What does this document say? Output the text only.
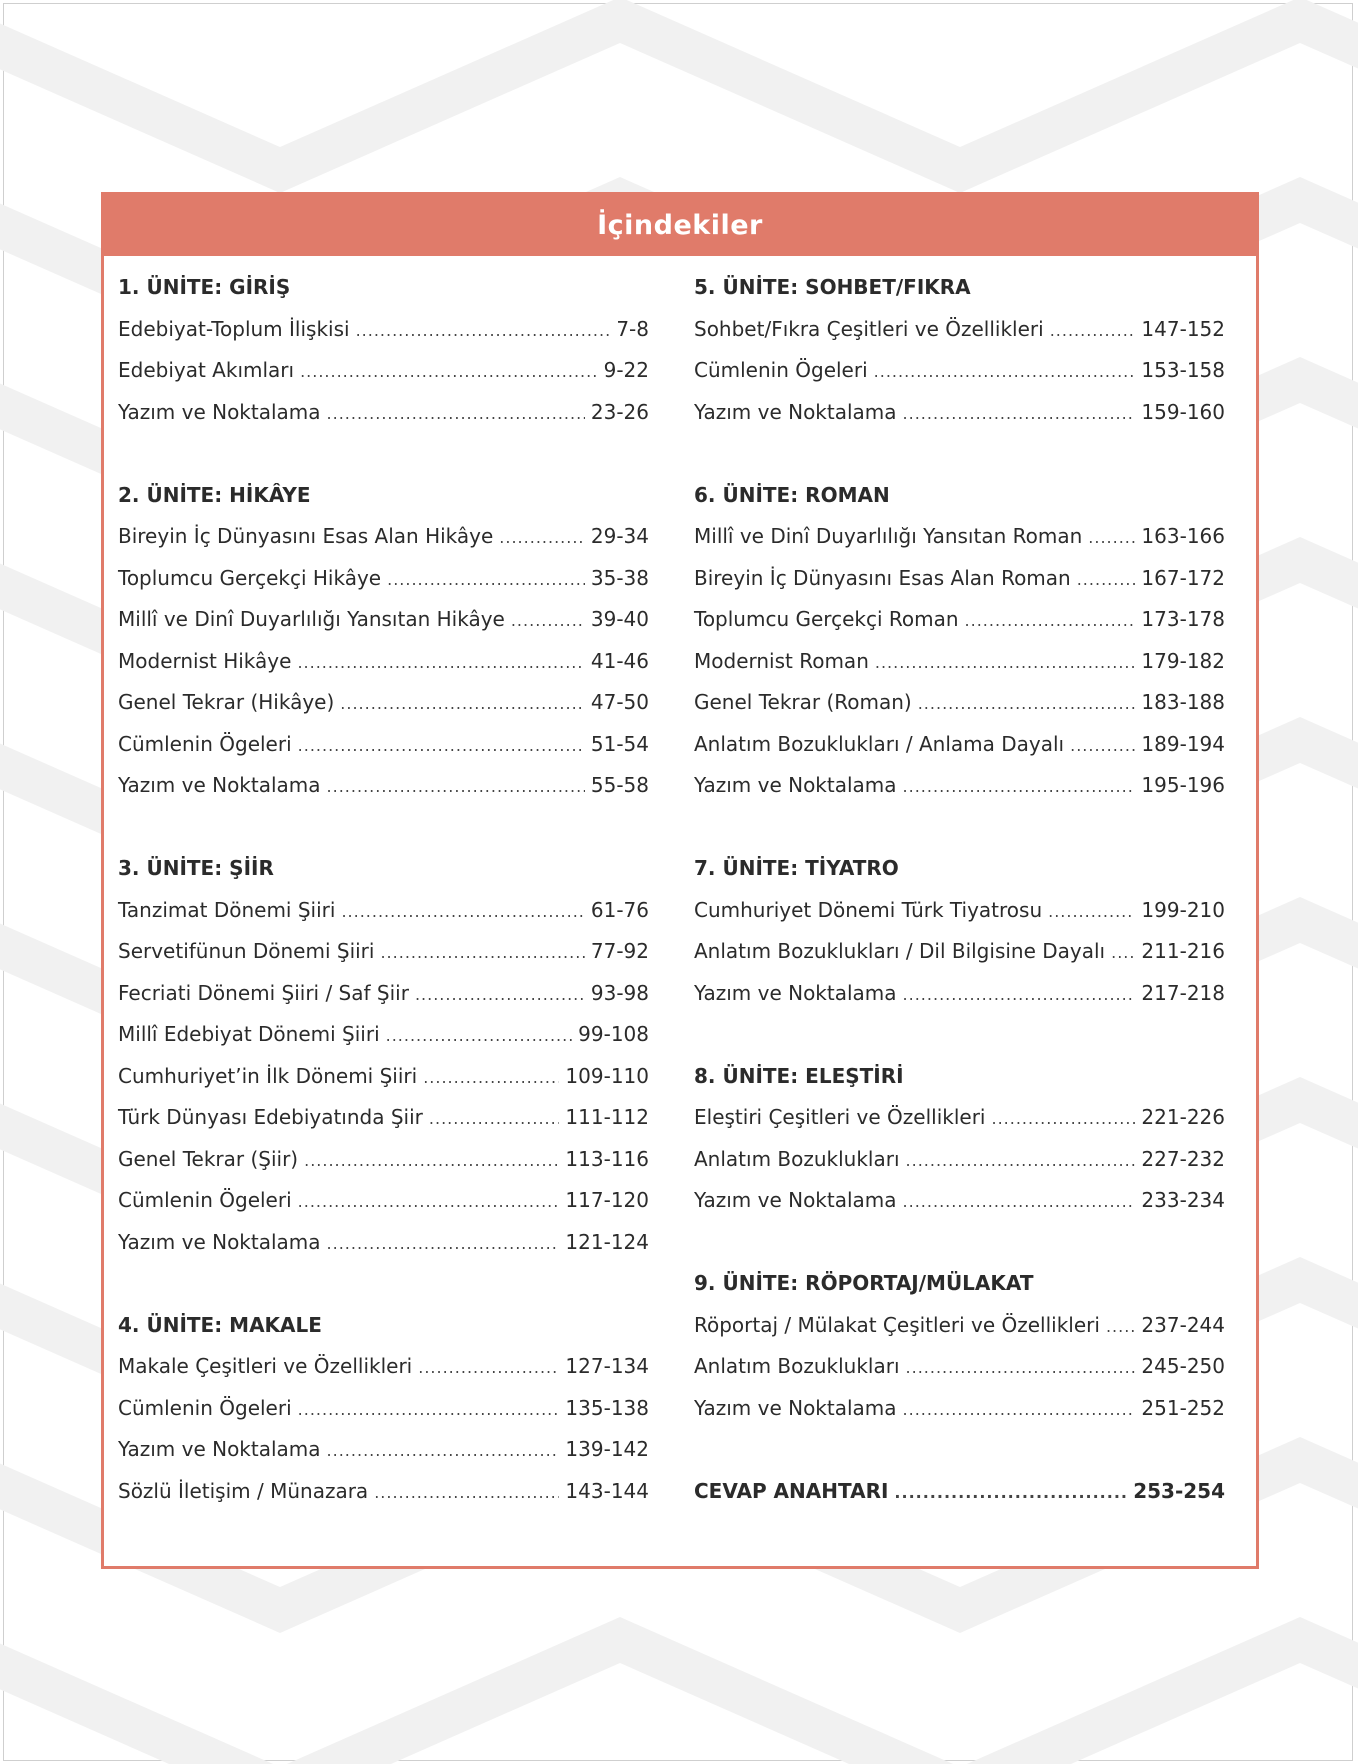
İçindekiler
1. ÜNİTE: GİRİŞ
Edebiyat-Toplum İlişkisi .....	7-8
Edebiyat Akımları .....	9-22
Yazım ve Noktalama .....	23-26
2. ÜNİTE: HİKÂYE
Bireyin İç Dünyasını Esas Alan Hikâye .....	29-34
Toplumcu Gerçekçi Hikâye .....	35-38
Millî ve Dinî Duyarlılığı Yansıtan Hikâye .....	39-40
Modernist Hikâye .....	41-46
Genel Tekrar (Hikâye) .....	47-50
Cümlenin Ögeleri .....	51-54
Yazım ve Noktalama .....	55-58
3. ÜNİTE: ŞİİR
Tanzimat Dönemi Şiiri .....	61-76
Servetifünun Dönemi Şiiri .....	77-92
Fecriati Dönemi Şiiri / Saf Şiir .....	93-98
Millî Edebiyat Dönemi Şiiri .....	99-108
Cumhuriyet’in İlk Dönemi Şiiri .....	109-110
Türk Dünyası Edebiyatında Şiir .....	111-112
Genel Tekrar (Şiir) .....	113-116
Cümlenin Ögeleri .....	117-120
Yazım ve Noktalama .....	121-124
4. ÜNİTE: MAKALE
Makale Çeşitleri ve Özellikleri .....	127-134
Cümlenin Ögeleri .....	135-138
Yazım ve Noktalama .....	139-142
Sözlü İletişim / Münazara .....	143-144
5. ÜNİTE: SOHBET/FIKRA
Sohbet/Fıkra Çeşitleri ve Özellikleri .....	147-152
Cümlenin Ögeleri .....	153-158
Yazım ve Noktalama .....	159-160
6. ÜNİTE: ROMAN
Millî ve Dinî Duyarlılığı Yansıtan Roman .....	163-166
Bireyin İç Dünyasını Esas Alan Roman .....	167-172
Toplumcu Gerçekçi Roman .....	173-178
Modernist Roman .....	179-182
Genel Tekrar (Roman) .....	183-188
Anlatım Bozuklukları / Anlama Dayalı .....	189-194
Yazım ve Noktalama .....	195-196
7. ÜNİTE: TİYATRO
Cumhuriyet Dönemi Türk Tiyatrosu .....	199-210
Anlatım Bozuklukları / Dil Bilgisine Dayalı ..... 211-216
Yazım ve Noktalama .....	217-218
8. ÜNİTE: ELEŞTİRİ
Eleştiri Çeşitleri ve Özellikleri .....	221-226
Anlatım Bozuklukları .....	227-232
Yazım ve Noktalama .....	233-234
9. ÜNİTE: RÖPORTAJ/MÜLAKAT
Röportaj / Mülakat Çeşitleri ve Özellikleri ..... 237-244
Anlatım Bozuklukları .....	245-250
Yazım ve Noktalama .....	251-252
CEVAP ANAHTARI .....	253-254
